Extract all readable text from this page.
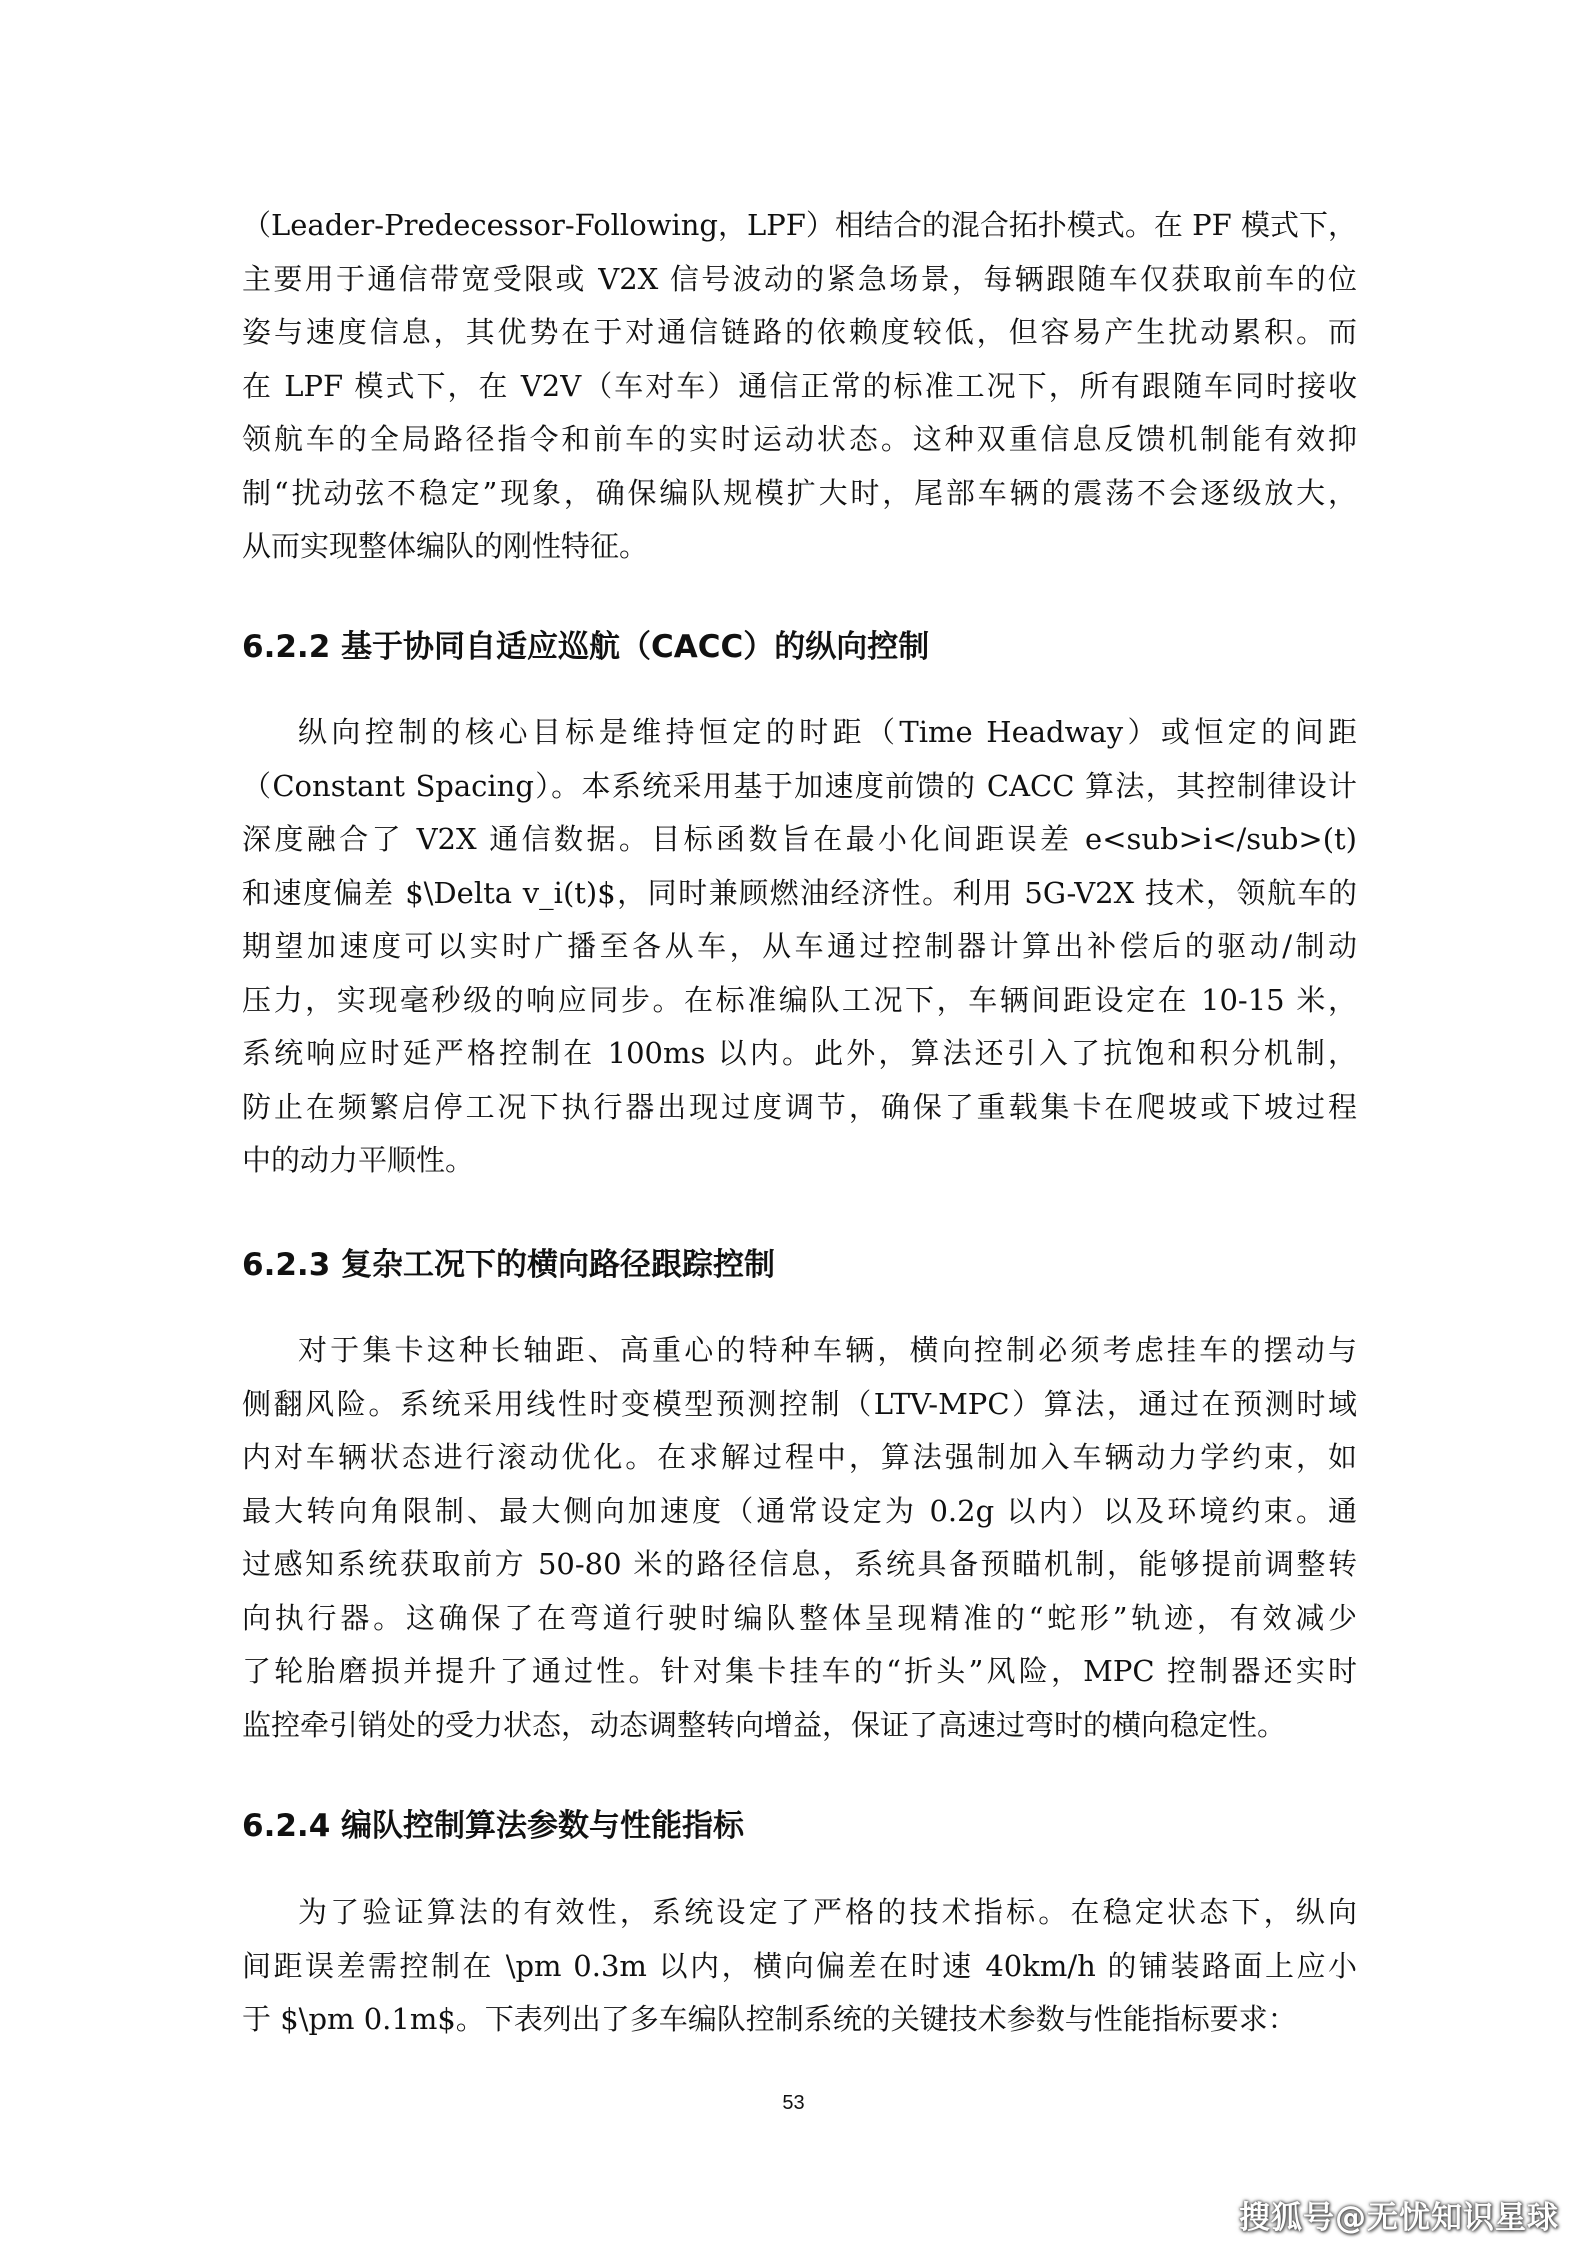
（Leader-Predecessor-Following，LPF）相结合的混合拓扑模式。在 PF 模式下，
主要用于通信带宽受限或 V2X 信号波动的紧急场景，每辆跟随车仅获取前车的位
姿与速度信息，其优势在于对通信链路的依赖度较低，但容易产生扰动累积。而
在 LPF 模式下，在 V2V（车对车）通信正常的标准工况下，所有跟随车同时接收
领航车的全局路径指令和前车的实时运动状态。这种双重信息反馈机制能有效抑
制“扰动弦不稳定”现象，确保编队规模扩大时，尾部车辆的震荡不会逐级放大，
从而实现整体编队的刚性特征。
6.2.2 基于协同自适应巡航（CACC）的纵向控制
纵向控制的核心目标是维持恒定的时距（Time Headway）或恒定的间距
（Constant Spacing）。本系统采用基于加速度前馈的 CACC 算法，其控制律设计
深度融合了 V2X 通信数据。目标函数旨在最小化间距误差 e<sub>i</sub>(t)
和速度偏差 $\Delta v_i(t)$，同时兼顾燃油经济性。利用 5G-V2X 技术，领航车的
期望加速度可以实时广播至各从车，从车通过控制器计算出补偿后的驱动/制动
压力，实现毫秒级的响应同步。在标准编队工况下，车辆间距设定在 10-15 米，
系统响应时延严格控制在 100ms 以内。此外，算法还引入了抗饱和积分机制，
防止在频繁启停工况下执行器出现过度调节，确保了重载集卡在爬坡或下坡过程
中的动力平顺性。
6.2.3 复杂工况下的横向路径跟踪控制
对于集卡这种长轴距、高重心的特种车辆，横向控制必须考虑挂车的摆动与
侧翻风险。系统采用线性时变模型预测控制（LTV-MPC）算法，通过在预测时域
内对车辆状态进行滚动优化。在求解过程中，算法强制加入车辆动力学约束，如
最大转向角限制、最大侧向加速度（通常设定为 0.2g 以内）以及环境约束。通
过感知系统获取前方 50-80 米的路径信息，系统具备预瞄机制，能够提前调整转
向执行器。这确保了在弯道行驶时编队整体呈现精准的“蛇形”轨迹，有效减少
了轮胎磨损并提升了通过性。针对集卡挂车的“折头”风险，MPC 控制器还实时
监控牵引销处的受力状态，动态调整转向增益，保证了高速过弯时的横向稳定性。
6.2.4 编队控制算法参数与性能指标
为了验证算法的有效性，系统设定了严格的技术指标。在稳定状态下，纵向
间距误差需控制在 \pm 0.3m 以内，横向偏差在时速 40km/h 的铺装路面上应小
于 $\pm 0.1m$。下表列出了多车编队控制系统的关键技术参数与性能指标要求：
53
搜狐号@无忧知识星球
